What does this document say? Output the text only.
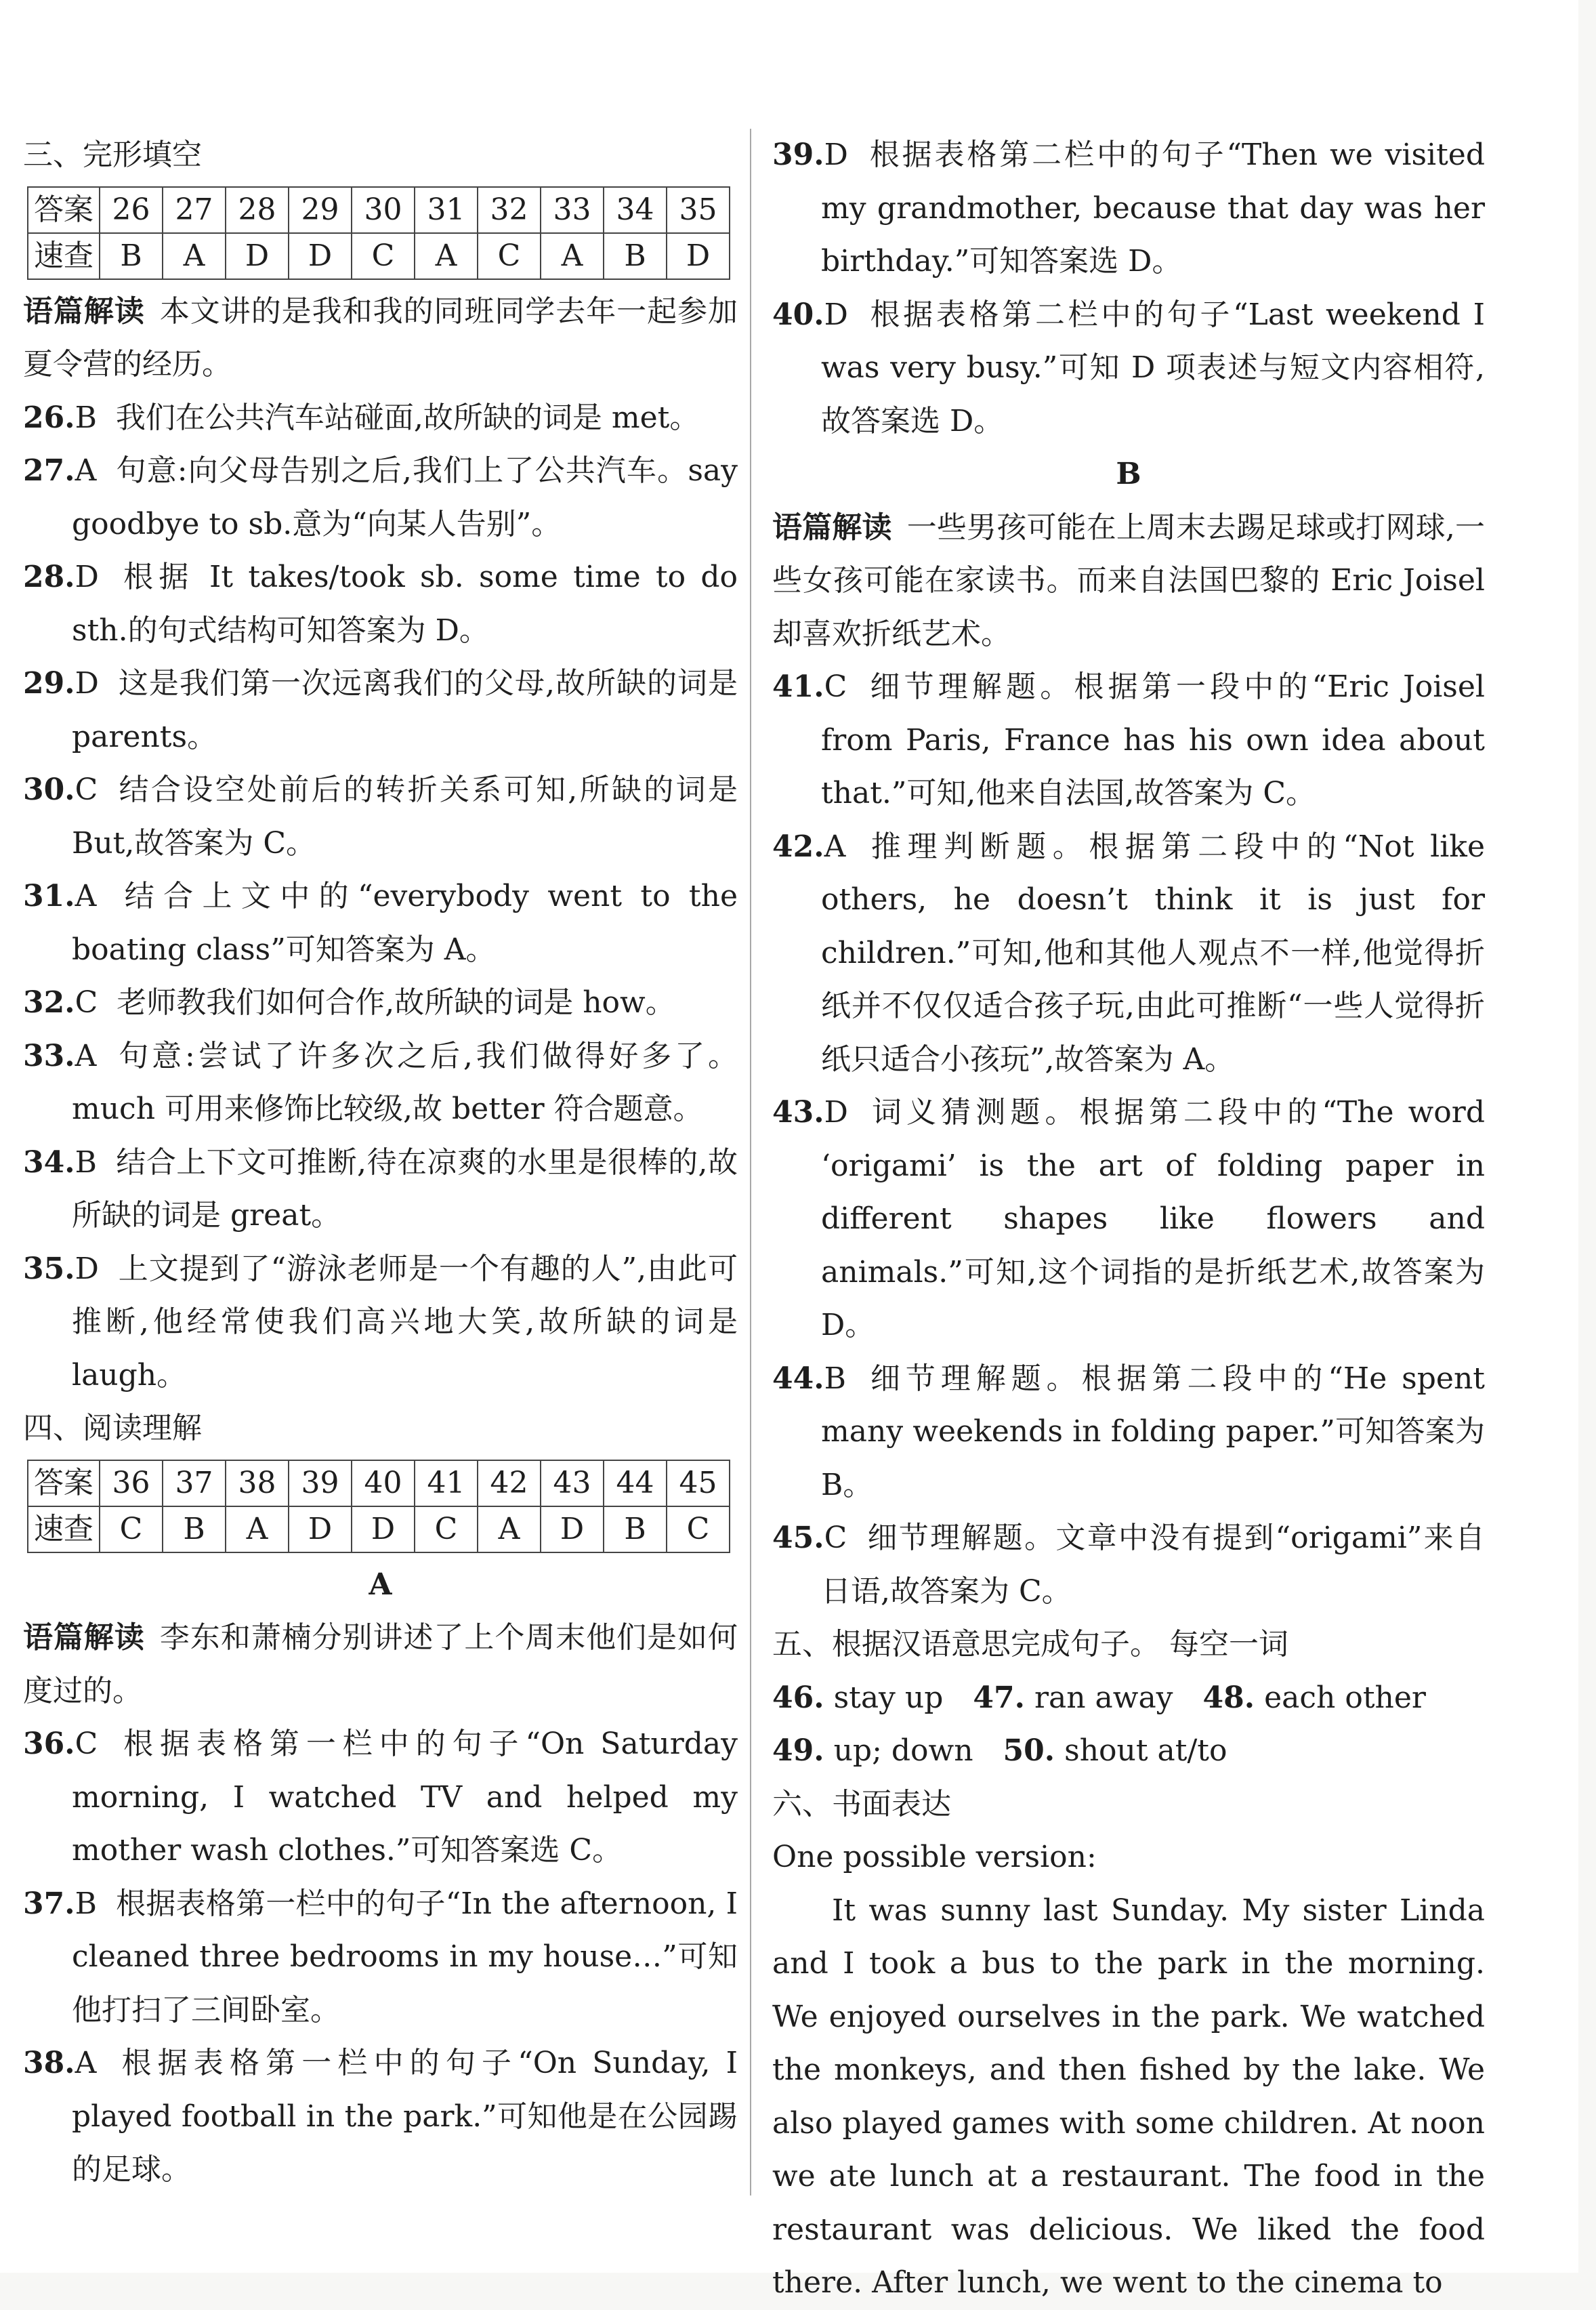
三、完形填空
答案	26	27	28	29	30	31	32	33	34	35
速查	B	A	D	D	C	A	C	A	B	D
语篇解读 本文讲的是我和我的同班同学去年一起参加夏令营的经历。
26.B 我们在公共汽车站碰面,故所缺的词是 met。
27.A 句意:向父母告别之后,我们上了公共汽车。say goodbye to sb.意为“向某人告别”。
28.D 根据 It takes/took sb. some time to do sth.的句式结构可知答案为 D。
29.D 这是我们第一次远离我们的父母,故所缺的词是 parents。
30.C 结合设空处前后的转折关系可知,所缺的词是 But,故答案为 C。
31.A 结合上文中的“everybody went to the boating class”可知答案为 A。
32.C 老师教我们如何合作,故所缺的词是 how。
33.A 句意:尝试了许多次之后,我们做得好多了。much 可用来修饰比较级,故 better 符合题意。
34.B 结合上下文可推断,待在凉爽的水里是很棒的,故所缺的词是 great。
35.D 上文提到了“游泳老师是一个有趣的人”,由此可推断,他经常使我们高兴地大笑,故所缺的词是 laugh。
四、阅读理解
答案	36	37	38	39	40	41	42	43	44	45
速查	C	B	A	D	D	C	A	D	B	C
A
语篇解读 李东和萧楠分别讲述了上个周末他们是如何度过的。
36.C 根据表格第一栏中的句子“On Saturday morning, I watched TV and helped my mother wash clothes.”可知答案选 C。
37.B 根据表格第一栏中的句子“In the afternoon, I cleaned three bedrooms in my house…”可知他打扫了三间卧室。
38.A 根据表格第一栏中的句子“On Sunday, I played football in the park.”可知他是在公园踢的足球。
39.D 根据表格第二栏中的句子“Then we visited my grandmother, because that day was her birthday.”可知答案选 D。
40.D 根据表格第二栏中的句子“Last weekend I was very busy.”可知 D 项表述与短文内容相符,故答案选 D。
B
语篇解读 一些男孩可能在上周末去踢足球或打网球,一些女孩可能在家读书。而来自法国巴黎的 Eric Joisel 却喜欢折纸艺术。
41.C 细节理解题。根据第一段中的“Eric Joisel from Paris, France has his own idea about that.”可知,他来自法国,故答案为 C。
42.A 推理判断题。根据第二段中的“Not like others, he doesn’t think it is just for children.”可知,他和其他人观点不一样,他觉得折纸并不仅仅适合孩子玩,由此可推断“一些人觉得折纸只适合小孩玩”,故答案为 A。
43.D 词义猜测题。根据第二段中的“The word ‘origami’ is the art of folding paper in different shapes like flowers and animals.”可知,这个词指的是折纸艺术,故答案为 D。
44.B 细节理解题。根据第二段中的“He spent many weekends in folding paper.”可知答案为 B。
45.C 细节理解题。文章中没有提到“origami”来自日语,故答案为 C。
五、根据汉语意思完成句子。 每空一词
46. stay up 47. ran away 48. each other 49. up; down 50. shout at/to
六、书面表达
One possible version:
It was sunny last Sunday. My sister Linda and I took a bus to the park in the morning. We enjoyed ourselves in the park. We watched the monkeys, and then fished by the lake. We also played games with some children. At noon we ate lunch at a restaurant. The food in the restaurant was delicious. We liked the food there. After lunch, we went to the cinema to
